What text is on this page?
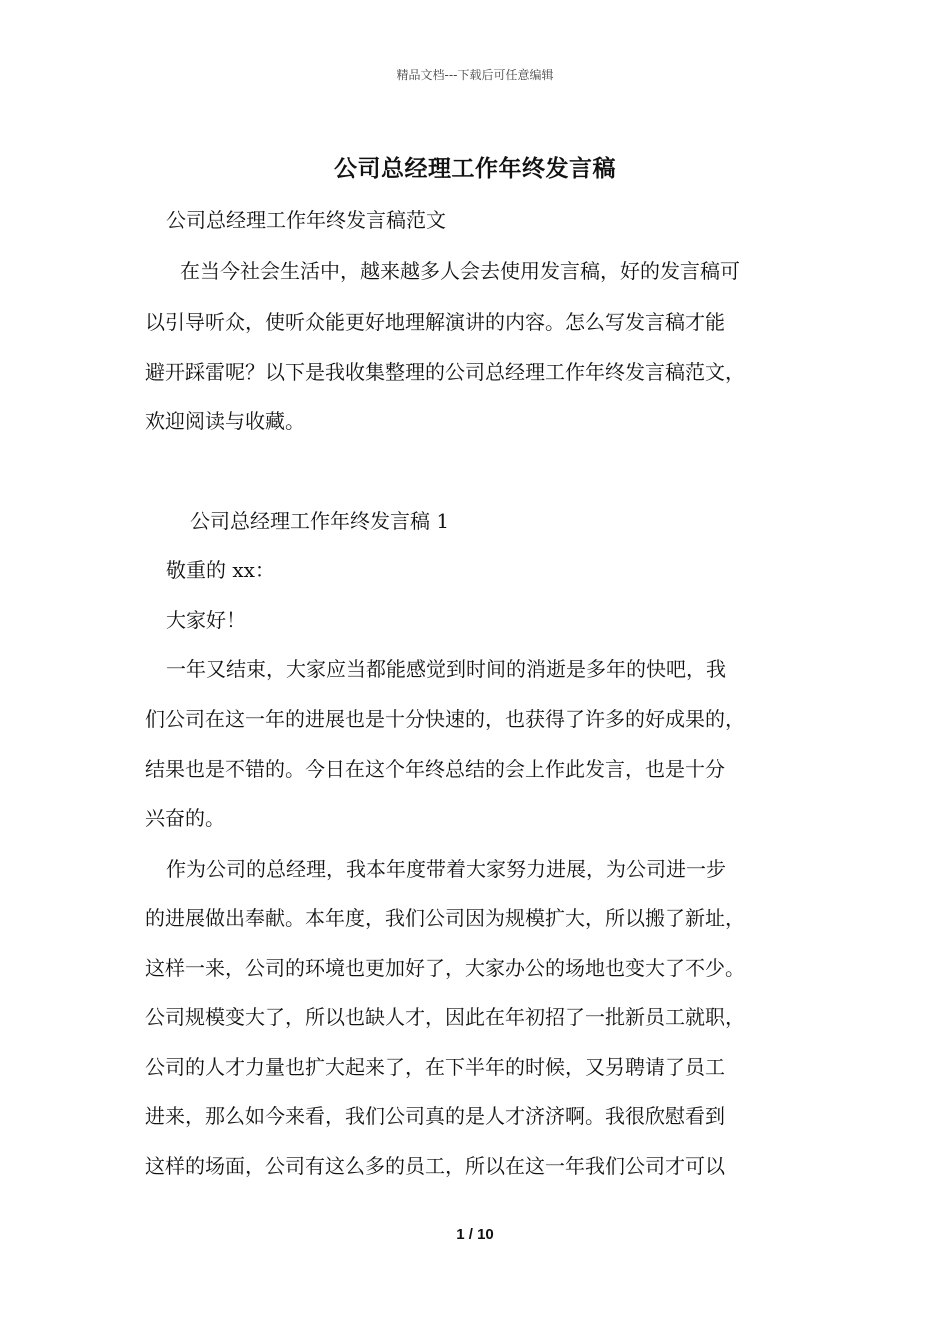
精品文档---下载后可任意编辑
公司总经理工作年终发言稿
公司总经理工作年终发言稿范文
在当今社会生活中，越来越多人会去使用发言稿，好的发言稿可
以引导听众，使听众能更好地理解演讲的内容。怎么写发言稿才能
避开踩雷呢？以下是我收集整理的公司总经理工作年终发言稿范文，
欢迎阅读与收藏。
公司总经理工作年终发言稿 1
敬重的 xx：
大家好！
一年又结束，大家应当都能感觉到时间的消逝是多年的快吧，我
们公司在这一年的进展也是十分快速的，也获得了许多的好成果的，
结果也是不错的。今日在这个年终总结的会上作此发言，也是十分
兴奋的。
作为公司的总经理，我本年度带着大家努力进展，为公司进一步
的进展做出奉献。本年度，我们公司因为规模扩大，所以搬了新址，
这样一来，公司的环境也更加好了，大家办公的场地也变大了不少。
公司规模变大了，所以也缺人才，因此在年初招了一批新员工就职，
公司的人才力量也扩大起来了，在下半年的时候，又另聘请了员工
进来，那么如今来看，我们公司真的是人才济济啊。我很欣慰看到
这样的场面，公司有这么多的员工，所以在这一年我们公司才可以
1 / 10
